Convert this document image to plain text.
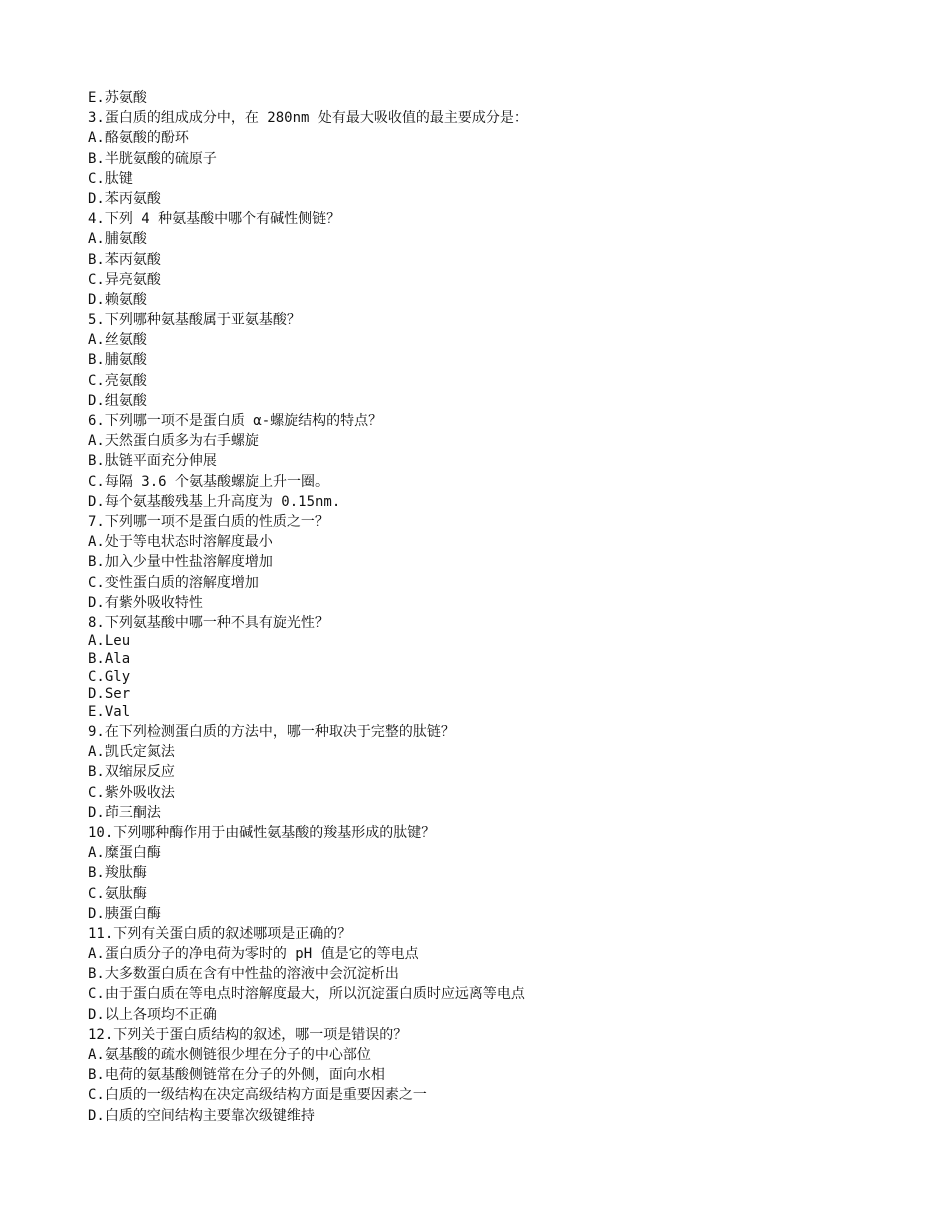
E.苏氨酸
3.蛋白质的组成成分中，在 280nm 处有最大吸收值的最主要成分是：
A.酪氨酸的酚环
B.半胱氨酸的硫原子
C.肽键
D.苯丙氨酸
4.下列 4 种氨基酸中哪个有碱性侧链？
A.脯氨酸
B.苯丙氨酸
C.异亮氨酸
D.赖氨酸
5.下列哪种氨基酸属于亚氨基酸？
A.丝氨酸
B.脯氨酸
C.亮氨酸
D.组氨酸
6.下列哪一项不是蛋白质 α-螺旋结构的特点？
A.天然蛋白质多为右手螺旋
B.肽链平面充分伸展
C.每隔 3.6 个氨基酸螺旋上升一圈。
D.每个氨基酸残基上升高度为 0.15nm.
7.下列哪一项不是蛋白质的性质之一？
A.处于等电状态时溶解度最小
B.加入少量中性盐溶解度增加
C.变性蛋白质的溶解度增加
D.有紫外吸收特性
8.下列氨基酸中哪一种不具有旋光性？
A.Leu
B.Ala
C.Gly
D.Ser
E.Val
9.在下列检测蛋白质的方法中，哪一种取决于完整的肽链？
A.凯氏定氮法
B.双缩尿反应
C.紫外吸收法
D.茚三酮法
10.下列哪种酶作用于由碱性氨基酸的羧基形成的肽键？
A.糜蛋白酶
B.羧肽酶
C.氨肽酶
D.胰蛋白酶
11.下列有关蛋白质的叙述哪项是正确的？
A.蛋白质分子的净电荷为零时的 pH 值是它的等电点
B.大多数蛋白质在含有中性盐的溶液中会沉淀析出
C.由于蛋白质在等电点时溶解度最大，所以沉淀蛋白质时应远离等电点
D.以上各项均不正确
12.下列关于蛋白质结构的叙述，哪一项是错误的？
A.氨基酸的疏水侧链很少埋在分子的中心部位
B.电荷的氨基酸侧链常在分子的外侧，面向水相
C.白质的一级结构在决定高级结构方面是重要因素之一
D.白质的空间结构主要靠次级键维持
